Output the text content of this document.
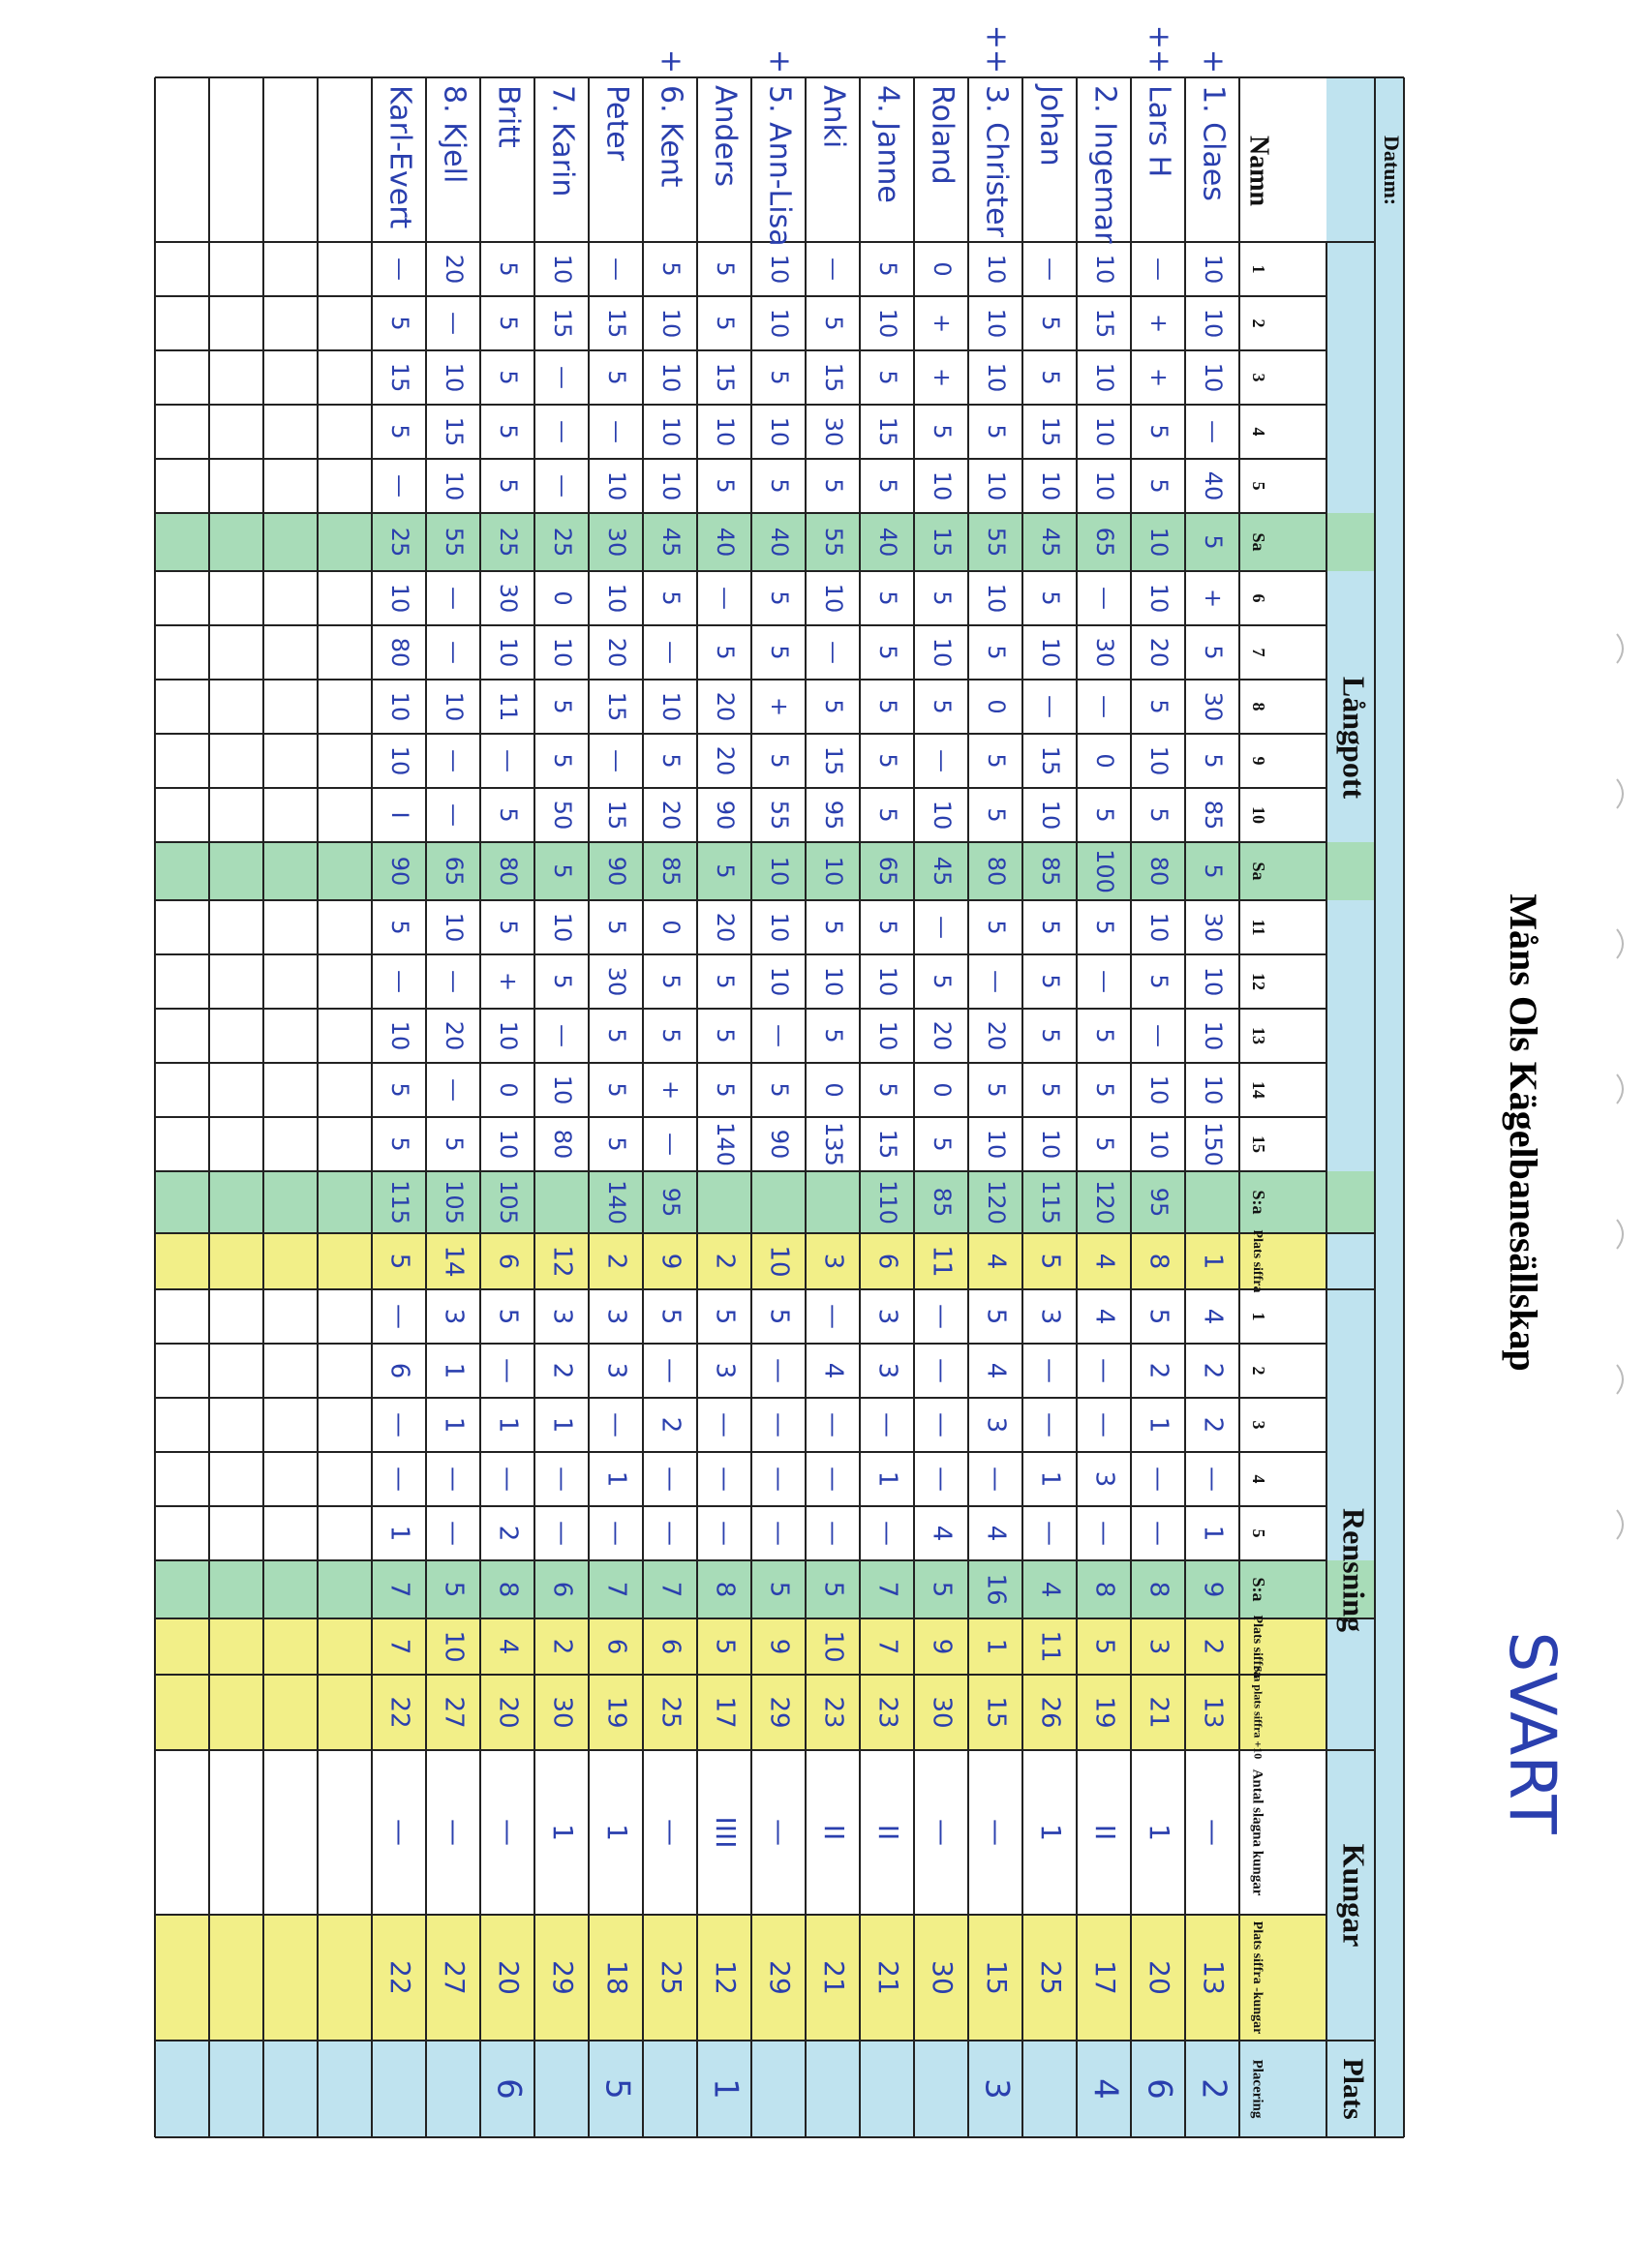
Datum:
Namn
Långpott
Rensning
Kungar
Plats
1
2
3
4
5
Sa
6
7
8
9
10
Sa
11
12
13
14
15
S:a
Plats siffra
1
2
3
4
5
S:a
Plats siffra
S:a plats siffra +10
Antal slagna kungar
Plats siffra -kungar
Placering
+
1. Claes
10
10
10
—
40
5
+
5
30
5
85
5
30
10
10
10
150
1
4
2
2
—
1
9
2
13
—
13
2
++
Lars H
—
+
+
5
5
10
10
20
5
10
5
80
10
5
—
10
10
95
8
5
2
1
—
—
8
3
21
1
20
6
2. Ingemar
10
15
10
10
10
65
—
30
—
0
5
100
5
—
5
5
5
120
4
4
—
—
3
—
8
5
19
II
17
4
Johan
—
5
5
15
10
45
5
10
—
15
10
85
5
5
5
5
10
115
5
3
—
—
1
—
4
11
26
1
25
++
3. Christer
10
10
10
5
10
55
10
5
0
5
5
80
5
—
20
5
10
120
4
5
4
3
—
4
16
1
15
—
15
3
Roland
0
+
+
5
10
15
5
10
5
—
10
45
—
5
20
0
5
85
11
—
—
—
—
4
5
9
30
—
30
4. Janne
5
10
5
15
5
40
5
5
5
5
5
65
5
10
10
5
15
110
6
3
3
—
1
—
7
7
23
II
21
Anki
—
5
15
30
5
55
10
—
5
15
95
10
5
10
5
0
135
3
—
4
—
—
—
5
10
23
II
21
+
5. Ann-Lisa
10
10
5
10
5
40
5
5
+
5
55
10
10
10
—
5
90
10
5
—
—
—
—
5
9
29
—
29
Anders
5
5
15
10
5
40
—
5
20
20
90
5
20
5
5
5
140
2
5
3
—
—
—
8
5
17
IIII
12
1
+
6. Kent
5
10
10
10
10
45
5
—
10
5
20
85
0
5
5
+
—
95
9
5
—
2
—
—
7
6
25
—
25
Peter
—
15
5
—
10
30
10
20
15
—
15
90
5
30
5
5
5
140
2
3
3
—
1
—
7
6
19
1
18
5
7. Karin
10
15
—
—
—
25
0
10
5
5
50
5
10
5
—
10
80
12
3
2
1
—
—
6
2
30
1
29
Britt
5
5
5
5
5
25
30
10
11
—
5
80
5
+
10
0
10
105
6
5
—
1
—
2
8
4
20
—
20
6
8. Kjell
20
—
10
15
10
55
—
—
10
—
—
65
10
—
20
—
5
105
14
3
1
1
—
—
5
10
27
—
27
Karl-Evert
—
5
15
5
—
25
10
80
10
10
I
90
5
—
10
5
5
115
5
—
6
—
—
1
7
7
22
—
22
Måns Ols Kägelbanesällskap
SVART
